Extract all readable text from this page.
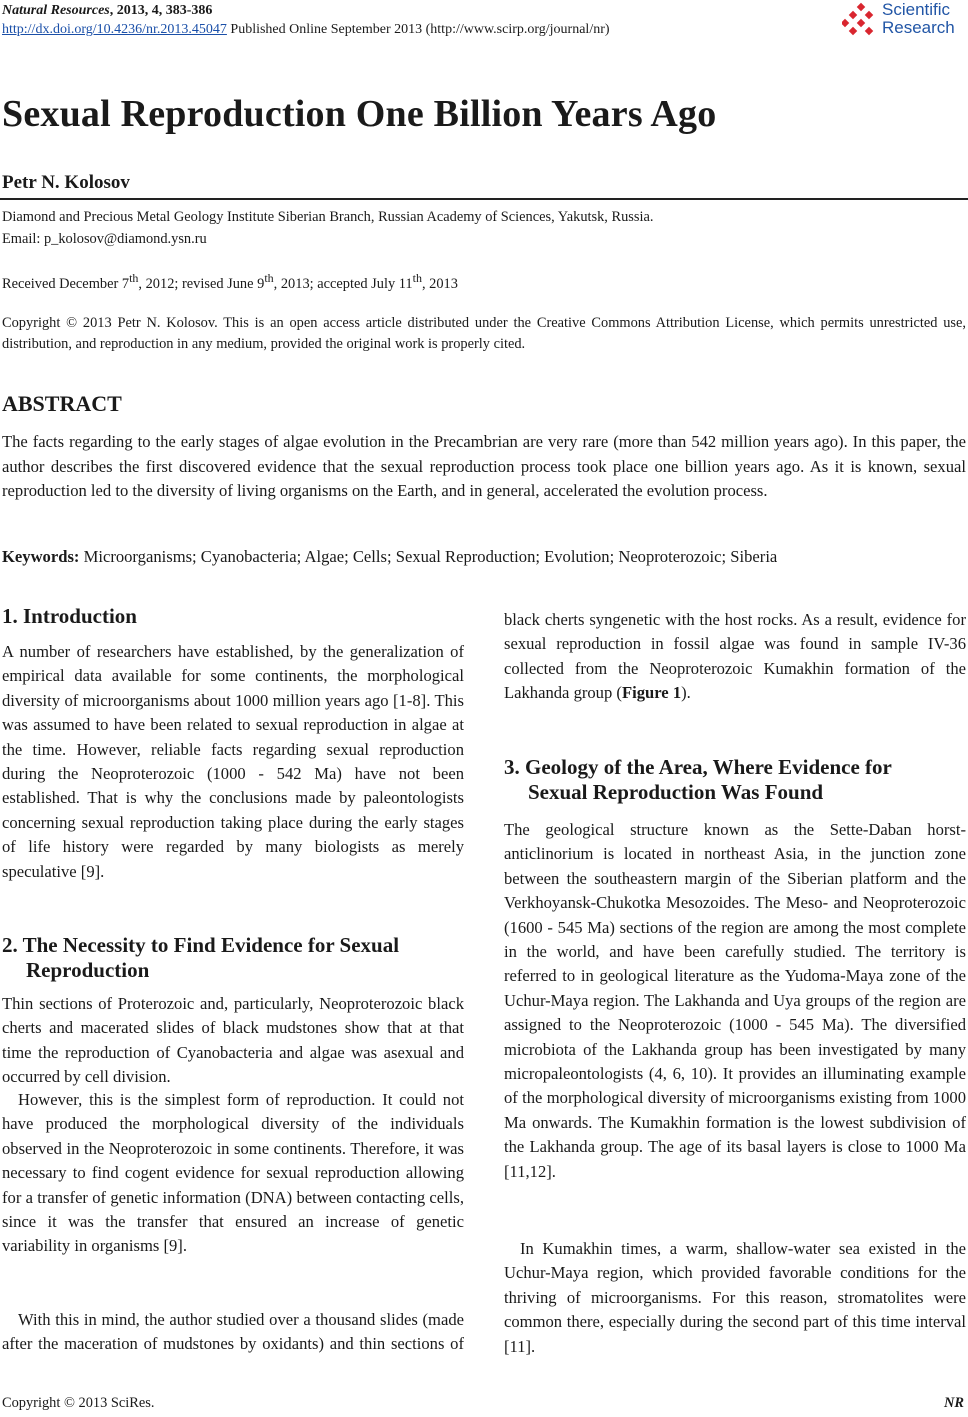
Natural Resources, 2013, 4, 383-386
http://dx.doi.org/10.4236/nr.2013.45047 Published Online September 2013 (http://www.scirp.org/journal/nr)
Scientific
Research
Sexual Reproduction One Billion Years Ago
Petr N. Kolosov
Diamond and Precious Metal Geology Institute Siberian Branch, Russian Academy of Sciences, Yakutsk, Russia.
Email: p_kolosov@diamond.ysn.ru
Received December 7th, 2012; revised June 9th, 2013; accepted July 11th, 2013
Copyright © 2013 Petr N. Kolosov. This is an open access article distributed under the Creative Commons Attribution License, which permits unrestricted use, distribution, and reproduction in any medium, provided the original work is properly cited.
ABSTRACT
The facts regarding to the early stages of algae evolution in the Precambrian are very rare (more than 542 million years ago). In this paper, the author describes the first discovered evidence that the sexual reproduction process took place one billion years ago. As it is known, sexual reproduction led to the diversity of living organisms on the Earth, and in general, accelerated the evolution process.
Keywords: Microorganisms; Cyanobacteria; Algae; Cells; Sexual Reproduction; Evolution; Neoproterozoic; Siberia
1. Introduction

A number of researchers have established, by the generalization of empirical data available for some continents, the morphological diversity of microorganisms about 1000 million years ago [1-8]. This was assumed to have been related to sexual reproduction in algae at the time. However, reliable facts regarding sexual reproduction during the Neoproterozoic (1000 - 542 Ma) have not been established. That is why the conclusions made by paleontologists concerning sexual reproduction taking place during the early stages of life history were regarded by many biologists as merely speculative [9].

2. The Necessity to Find Evidence for Sexual
Reproduction

Thin sections of Proterozoic and, particularly, Neoproterozoic black cherts and macerated slides of black mudstones show that at that time the reproduction of Cyanobacteria and algae was asexual and occurred by cell division.

However, this is the simplest form of reproduction. It could not have produced the morphological diversity of the individuals observed in the Neoproterozoic in some continents. Therefore, it was necessary to find cogent evidence for sexual reproduction allowing for a transfer of genetic information (DNA) between contacting cells, since it was the transfer that ensured an increase of genetic variability in organisms [9].

With this in mind, the author studied over a thousand slides (made after the maceration of mudstones by oxidants) and thin sections of

black cherts syngenetic with the host rocks. As a result, evidence for sexual reproduction in fossil algae was found in sample IV-36 collected from the Neoproterozoic Kumakhin formation of the Lakhanda group (Figure 1).

3. Geology of the Area, Where Evidence for
Sexual Reproduction Was Found

The geological structure known as the Sette-Daban horst-anticlinorium is located in northeast Asia, in the junction zone between the southeastern margin of the Siberian platform and the Verkhoyansk-Chukotka Mesozoides. The Meso- and Neoproterozoic (1600 - 545 Ma) sections of the region are among the most complete in the world, and have been carefully studied. The territory is referred to in geological literature as the Yudoma-Maya zone of the Uchur-Maya region. The Lakhanda and Uya groups of the region are assigned to the Neoproterozoic (1000 - 545 Ma). The diversified microbiota of the Lakhanda group has been investigated by many micropaleontologists (4, 6, 10). It provides an illuminating example of the morphological diversity of microorganisms existing from 1000 Ma onwards. The Kumakhin formation is the lowest subdivision of the Lakhanda group. The age of its basal layers is close to 1000 Ma [11,12].

In Kumakhin times, a warm, shallow-water sea existed in the Uchur-Maya region, which provided favorable conditions for the thriving of microorganisms. For this reason, stromatolites were common there, especially during the second part of this time interval [11].

Copyright © 2013 SciRes.	NR
